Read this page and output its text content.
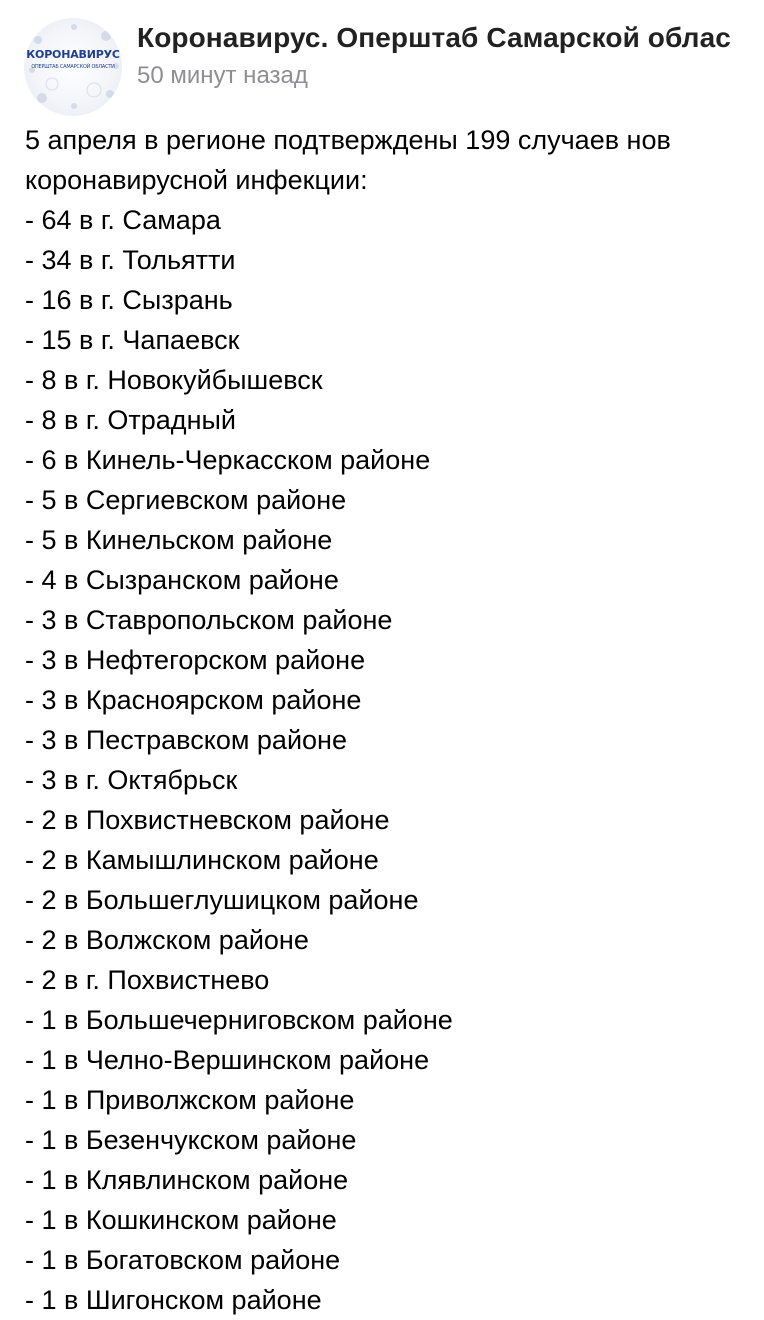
КОРОНАВИРУС
ОПЕРШТАБ САМАРСКОЙ ОБЛАСТИ
Коронавирус. Оперштаб Самарской облас
50 минут назад
5 апреля в регионе подтверждены 199 случаев нов
коронавирусной инфекции:
- 64 в г. Самара
- 34 в г. Тольятти
- 16 в г. Сызрань
- 15 в г. Чапаевск
- 8 в г. Новокуйбышевск
- 8 в г. Отрадный
- 6 в Кинель-Черкасском районе
- 5 в Сергиевском районе
- 5 в Кинельском районе
- 4 в Сызранском районе
- 3 в Ставропольском районе
- 3 в Нефтегорском районе
- 3 в Красноярском районе
- 3 в Пестравском районе
- 3 в г. Октябрьск
- 2 в Похвистневском районе
- 2 в Камышлинском районе
- 2 в Большеглушицком районе
- 2 в Волжском районе
- 2 в г. Похвистнево
- 1 в Большечерниговском районе
- 1 в Челно-Вершинском районе
- 1 в Приволжском районе
- 1 в Безенчукском районе
- 1 в Клявлинском районе
- 1 в Кошкинском районе
- 1 в Богатовском районе
- 1 в Шигонском районе
